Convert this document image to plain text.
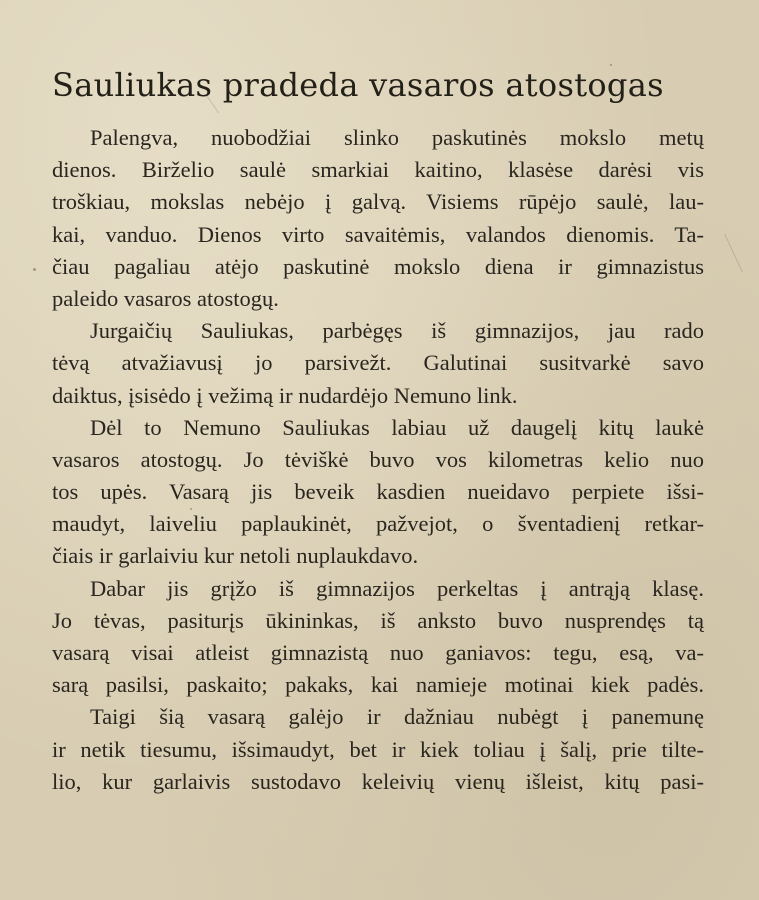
Sauliukas pradeda vasaros atostogas
Palengva, nuobodžiai slinko paskutinės mokslo metų
dienos. Birželio saulė smarkiai kaitino, klasėse darėsi vis
troškiau, mokslas nebėjo į galvą. Visiems rūpėjo saulė, lau-
kai, vanduo. Dienos virto savaitėmis, valandos dienomis. Ta-
čiau pagaliau atėjo paskutinė mokslo diena ir gimnazistus
paleido vasaros atostogų.
Jurgaičių Sauliukas, parbėgęs iš gimnazijos, jau rado
tėvą atvažiavusį jo parsivežt. Galutinai susitvarkė savo
daiktus, įsisėdo į vežimą ir nudardėjo Nemuno link.
Dėl to Nemuno Sauliukas labiau už daugelį kitų laukė
vasaros atostogų. Jo tėviškė buvo vos kilometras kelio nuo
tos upės. Vasarą jis beveik kasdien nueidavo perpiete išsi-
maudyt, laiveliu paplaukinėt, pažvejot, o šventadienį retkar-
čiais ir garlaiviu kur netoli nuplaukdavo.
Dabar jis grįžo iš gimnazijos perkeltas į antrąją klasę.
Jo tėvas, pasiturįs ūkininkas, iš anksto buvo nusprendęs tą
vasarą visai atleist gimnazistą nuo ganiavos: tegu, esą, va-
sarą pasilsi, paskaito; pakaks, kai namieje motinai kiek padės.
Taigi šią vasarą galėjo ir dažniau nubėgt į panemunę
ir netik tiesumu, išsimaudyt, bet ir kiek toliau į šalį, prie tilte-
lio, kur garlaivis sustodavo keleivių vienų išleist, kitų pasi-
